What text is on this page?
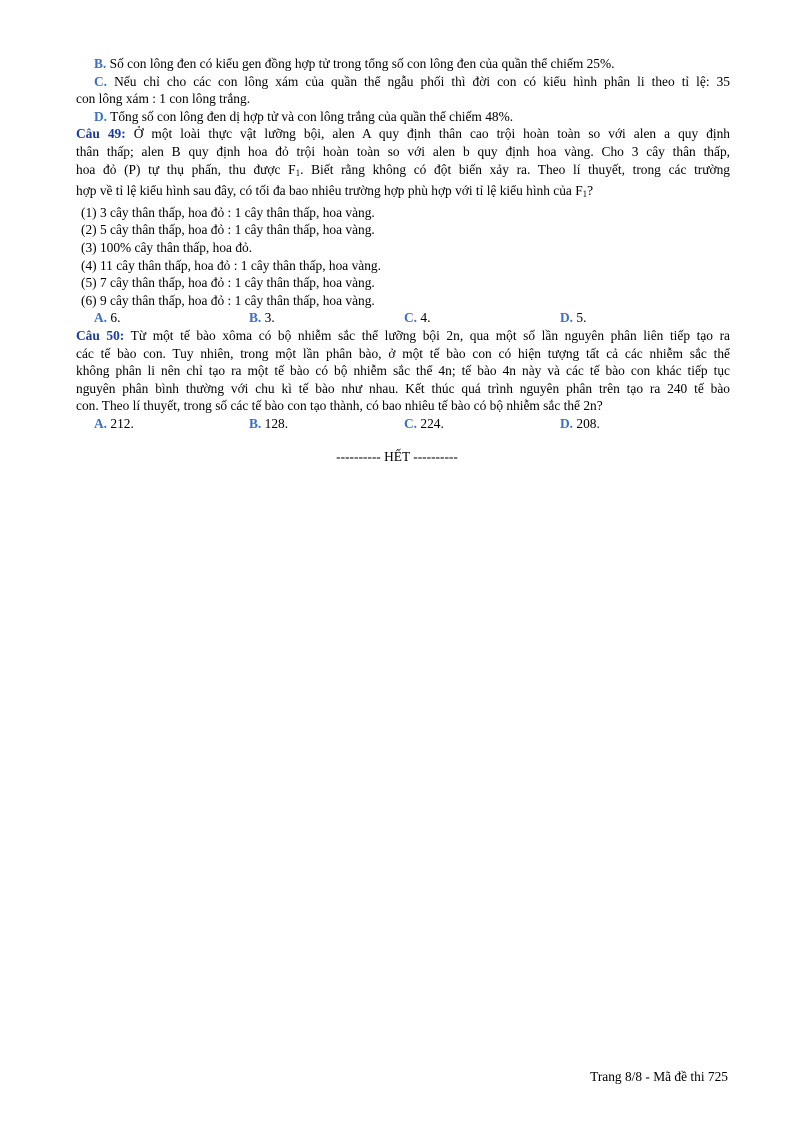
B. Số con lông đen có kiểu gen đồng hợp tử trong tổng số con lông đen của quần thể chiếm 25%.
C. Nếu chỉ cho các con lông xám của quần thể ngẫu phối thì đời con có kiểu hình phân li theo tỉ lệ: 35
con lông xám : 1 con lông trắng.
D. Tổng số con lông đen dị hợp tử và con lông trắng của quần thể chiếm 48%.
Câu 49: Ở một loài thực vật lưỡng bội, alen A quy định thân cao trội hoàn toàn so với alen a quy định
thân thấp; alen B quy định hoa đỏ trội hoàn toàn so với alen b quy định hoa vàng. Cho 3 cây thân thấp,
hoa đỏ (P) tự thụ phấn, thu được $F_1$. Biết rằng không có đột biến xảy ra. Theo lí thuyết, trong các trường
hợp về tỉ lệ kiểu hình sau đây, có tối đa bao nhiêu trường hợp phù hợp với tỉ lệ kiểu hình của $F_1$?
(1) 3 cây thân thấp, hoa đỏ : 1 cây thân thấp, hoa vàng.
(2) 5 cây thân thấp, hoa đỏ : 1 cây thân thấp, hoa vàng.
(3) 100% cây thân thấp, hoa đỏ.
(4) 11 cây thân thấp, hoa đỏ : 1 cây thân thấp, hoa vàng.
(5) 7 cây thân thấp, hoa đỏ : 1 cây thân thấp, hoa vàng.
(6) 9 cây thân thấp, hoa đỏ : 1 cây thân thấp, hoa vàng.
A. 6.	B. 3.	C. 4.	D. 5.
Câu 50: Từ một tế bào xôma có bộ nhiễm sắc thể lưỡng bội 2n, qua một số lần nguyên phân liên tiếp tạo ra
các tế bào con. Tuy nhiên, trong một lần phân bào, ở một tế bào con có hiện tượng tất cả các nhiễm sắc thể
không phân li nên chỉ tạo ra một tế bào có bộ nhiễm sắc thể 4n; tế bào 4n này và các tế bào con khác tiếp tục
nguyên phân bình thường với chu kì tế bào như nhau. Kết thúc quá trình nguyên phân trên tạo ra 240 tế bào
con. Theo lí thuyết, trong số các tế bào con tạo thành, có bao nhiêu tế bào có bộ nhiễm sắc thể 2n?
A. 212.	B. 128.	C. 224.	D. 208.
---------- HẾT ----------
Trang 8/8 - Mã đề thi 725
